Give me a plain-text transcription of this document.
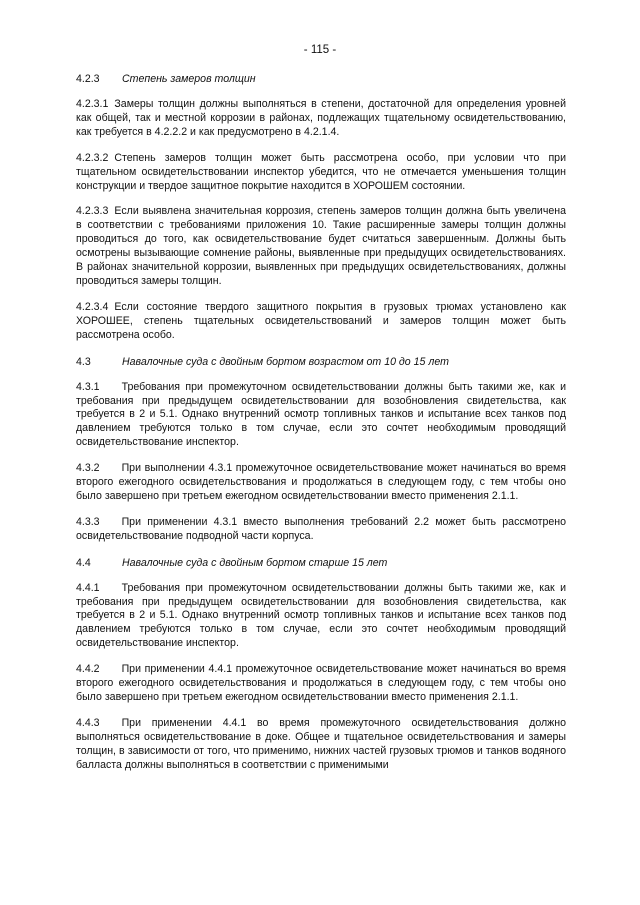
- 115 -
4.2.3	Степень замеров толщин

4.2.3.1 Замеры толщин должны выполняться в степени, достаточной для определения уровней как общей, так и местной коррозии в районах, подлежащих тщательному освидетельствованию, как требуется в 4.2.2.2 и как предусмотрено в 4.2.1.4.

4.2.3.2 Степень замеров толщин может быть рассмотрена особо, при условии что при тщательном освидетельствовании инспектор убедится, что не отмечается уменьшения толщин конструкции и твердое защитное покрытие находится в ХОРОШЕМ состоянии.

4.2.3.3 Если выявлена значительная коррозия, степень замеров толщин должна быть увеличена в соответствии с требованиями приложения 10. Такие расширенные замеры толщин должны проводиться до того, как освидетельствование будет считаться завершенным. Должны быть осмотрены вызывающие сомнение районы, выявленные при предыдущих освидетельствованиях. В районах значительной коррозии, выявленных при предыдущих освидетельствованиях, должны проводиться замеры толщин.

4.2.3.4 Если состояние твердого защитного покрытия в грузовых трюмах установлено как ХОРОШЕЕ, степень тщательных освидетельствований и замеров толщин может быть рассмотрена особо.

4.3	Навалочные суда с двойным бортом возрастом от 10 до 15 лет

4.3.1 Требования при промежуточном освидетельствовании должны быть такими же, как и требования при предыдущем освидетельствовании для возобновления свидетельства, как требуется в 2 и 5.1. Однако внутренний осмотр топливных танков и испытание всех танков под давлением требуются только в том случае, если это сочтет необходимым проводящий освидетельствование инспектор.

4.3.2 При выполнении 4.3.1 промежуточное освидетельствование может начинаться во время второго ежегодного освидетельствования и продолжаться в следующем году, с тем чтобы оно было завершено при третьем ежегодном освидетельствовании вместо применения 2.1.1.

4.3.3 При применении 4.3.1 вместо выполнения требований 2.2 может быть рассмотрено освидетельствование подводной части корпуса.

4.4	Навалочные суда с двойным бортом старше 15 лет

4.4.1 Требования при промежуточном освидетельствовании должны быть такими же, как и требования при предыдущем освидетельствовании для возобновления свидетельства, как требуется в 2 и 5.1. Однако внутренний осмотр топливных танков и испытание всех танков под давлением требуются только в том случае, если это сочтет необходимым проводящий освидетельствование инспектор.

4.4.2 При применении 4.4.1 промежуточное освидетельствование может начинаться во время второго ежегодного освидетельствования и продолжаться в следующем году, с тем чтобы оно было завершено при третьем ежегодном освидетельствовании вместо применения 2.1.1.

4.4.3 При применении 4.4.1 во время промежуточного освидетельствования должно выполняться освидетельствование в доке. Общее и тщательное освидетельствования и замеры толщин, в зависимости от того, что применимо, нижних частей грузовых трюмов и танков водяного балласта должны выполняться в соответствии с применимыми
